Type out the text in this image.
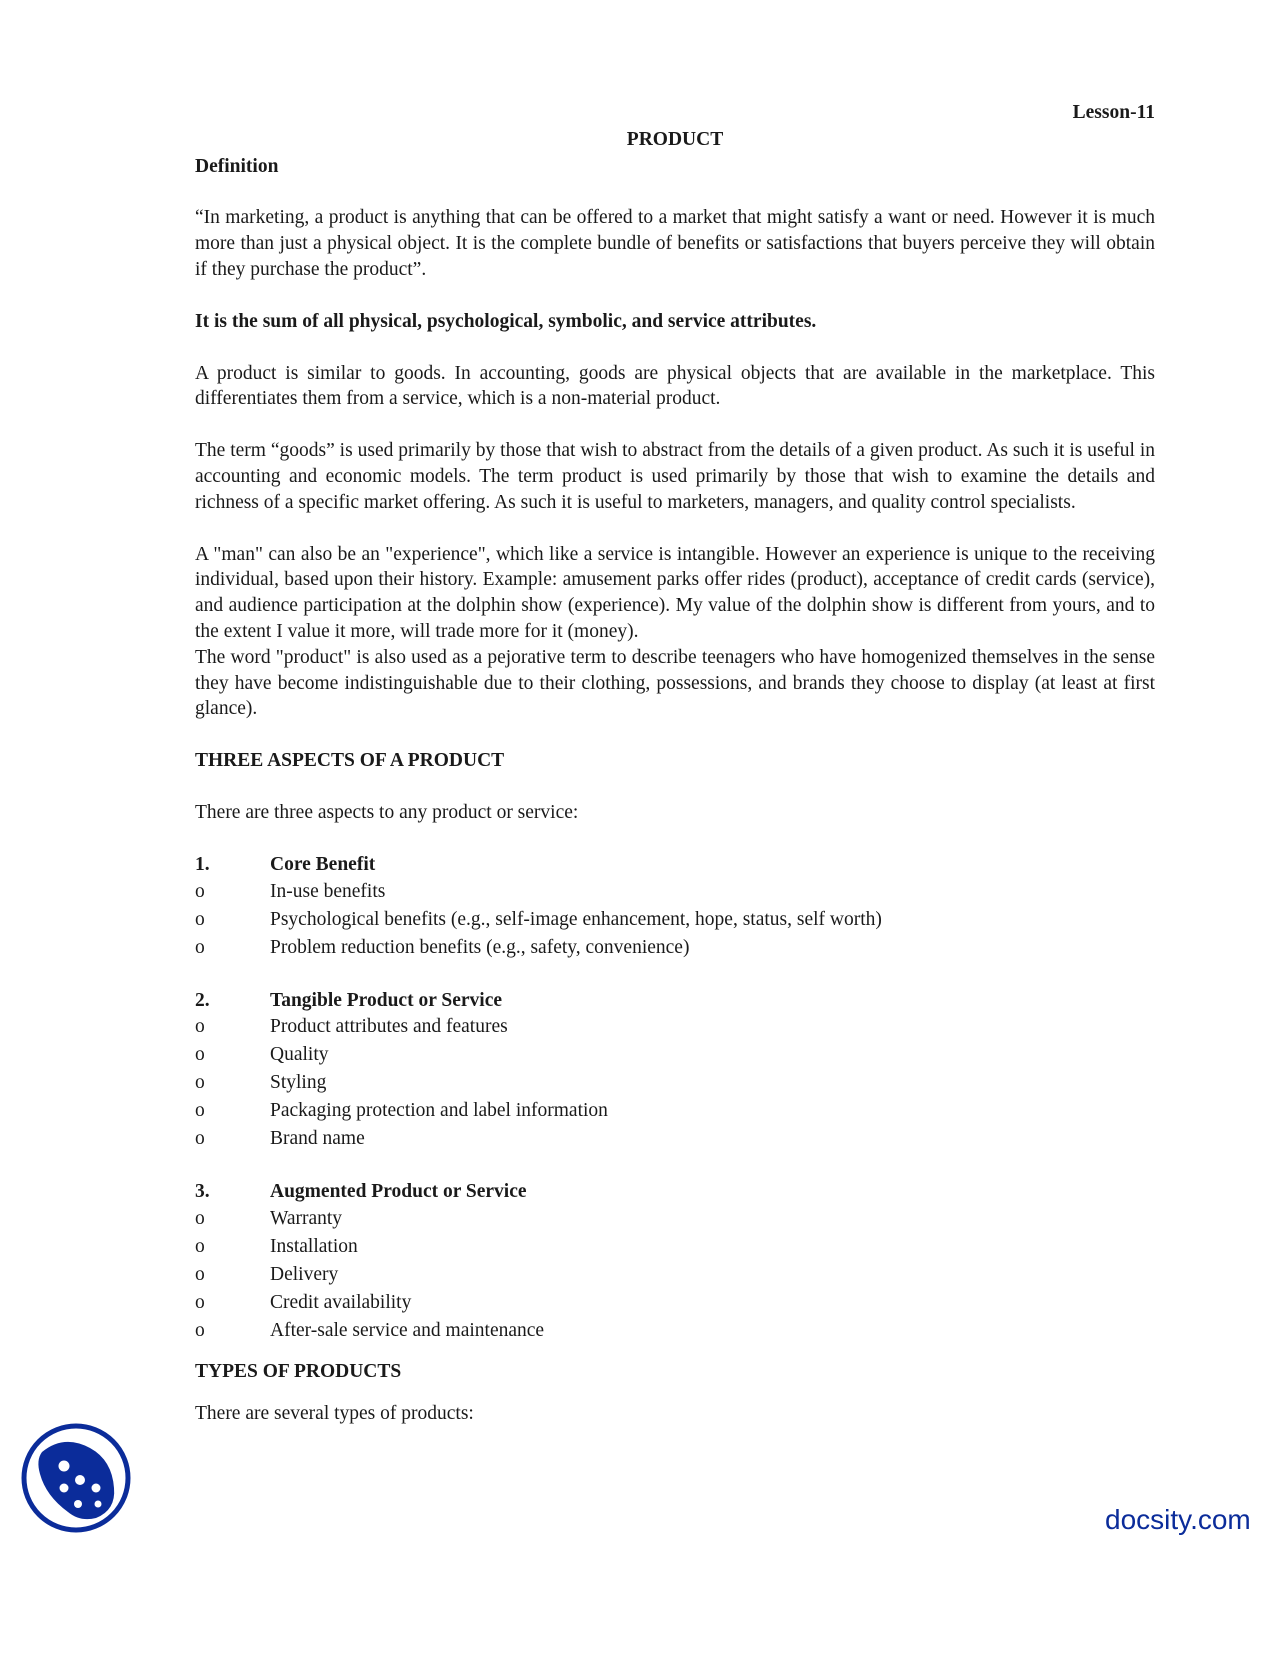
Lesson-11

PRODUCT

Definition

“In marketing, a product is anything that can be offered to a market that might satisfy a want or need. However it is much more than just a physical object. It is the complete bundle of benefits or satisfactions that buyers perceive they will obtain if they purchase the product”.

It is the sum of all physical, psychological, symbolic, and service attributes.

A product is similar to goods. In accounting, goods are physical objects that are available in the marketplace. This differentiates them from a service, which is a non-material product.

The term “goods” is used primarily by those that wish to abstract from the details of a given product. As such it is useful in accounting and economic models. The term product is used primarily by those that wish to examine the details and richness of a specific market offering. As such it is useful to marketers, managers, and quality control specialists.

A "man" can also be an "experience", which like a service is intangible. However an experience is unique to the receiving individual, based upon their history. Example: amusement parks offer rides (product), acceptance of credit cards (service), and audience participation at the dolphin show (experience). My value of the dolphin show is different from yours, and to the extent I value it more, will trade more for it (money).

The word "product" is also used as a pejorative term to describe teenagers who have homogenized themselves in the sense they have become indistinguishable due to their clothing, possessions, and brands they choose to display (at least at first glance).

THREE ASPECTS OF A PRODUCT

There are three aspects to any product or service:

1.	Core Benefit
o	In-use benefits
o	Psychological benefits (e.g., self-image enhancement, hope, status, self worth)
o	Problem reduction benefits (e.g., safety, convenience)
2.	Tangible Product or Service
o	Product attributes and features
o	Quality
o	Styling
o	Packaging protection and label information
o	Brand name
3.	Augmented Product or Service
o	Warranty
o	Installation
o	Delivery
o	Credit availability
o	After-sale service and maintenance

TYPES OF PRODUCTS

There are several types of products:

docsity.com
